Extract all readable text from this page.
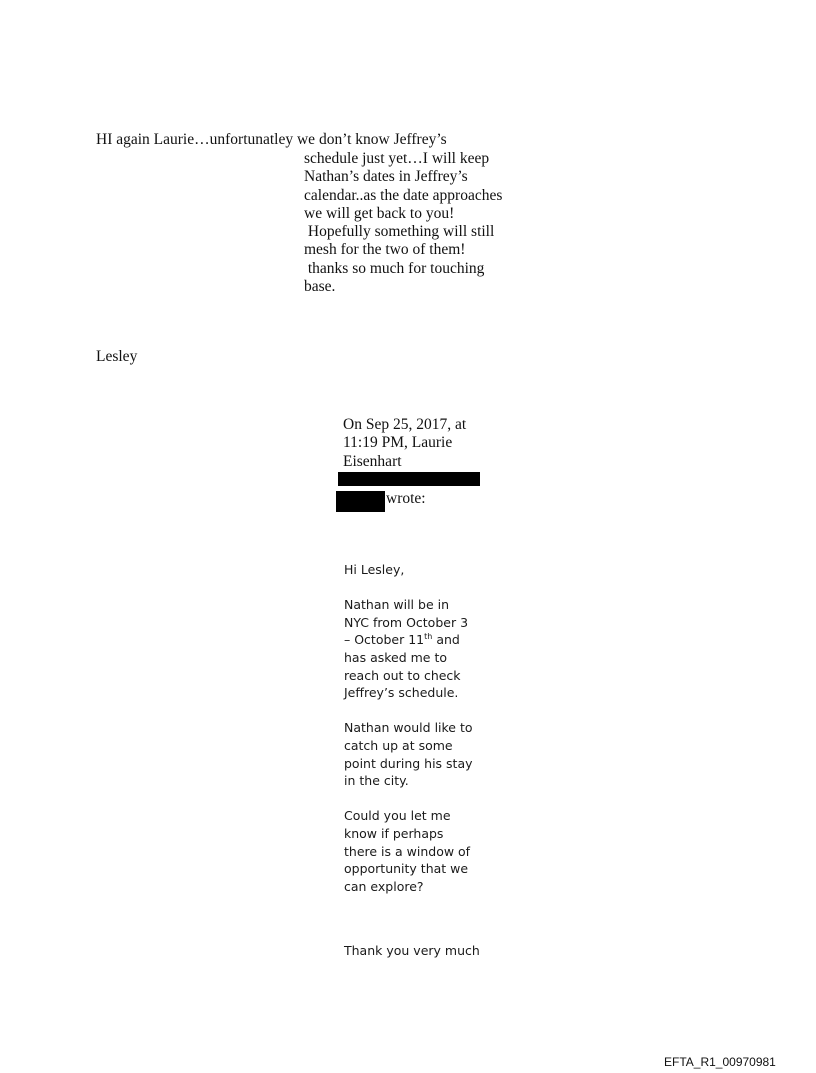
HI again Laurie…unfortunatley we don’t know Jeffrey’s
schedule just yet…I will keep
Nathan’s dates in Jeffrey’s
calendar..as the date approaches
we will get back to you!
Hopefully something will still
mesh for the two of them!
thanks so much for touching
base.
Lesley
On Sep 25, 2017, at
11:19 PM, Laurie
Eisenhart
wrote:
Hi Lesley,
Nathan will be in
NYC from October 3
– October 11th and
has asked me to
reach out to check
Jeffrey’s schedule.
Nathan would like to
catch up at some
point during his stay
in the city.
Could you let me
know if perhaps
there is a window of
opportunity that we
can explore?
Thank you very much
EFTA_R1_00970981
